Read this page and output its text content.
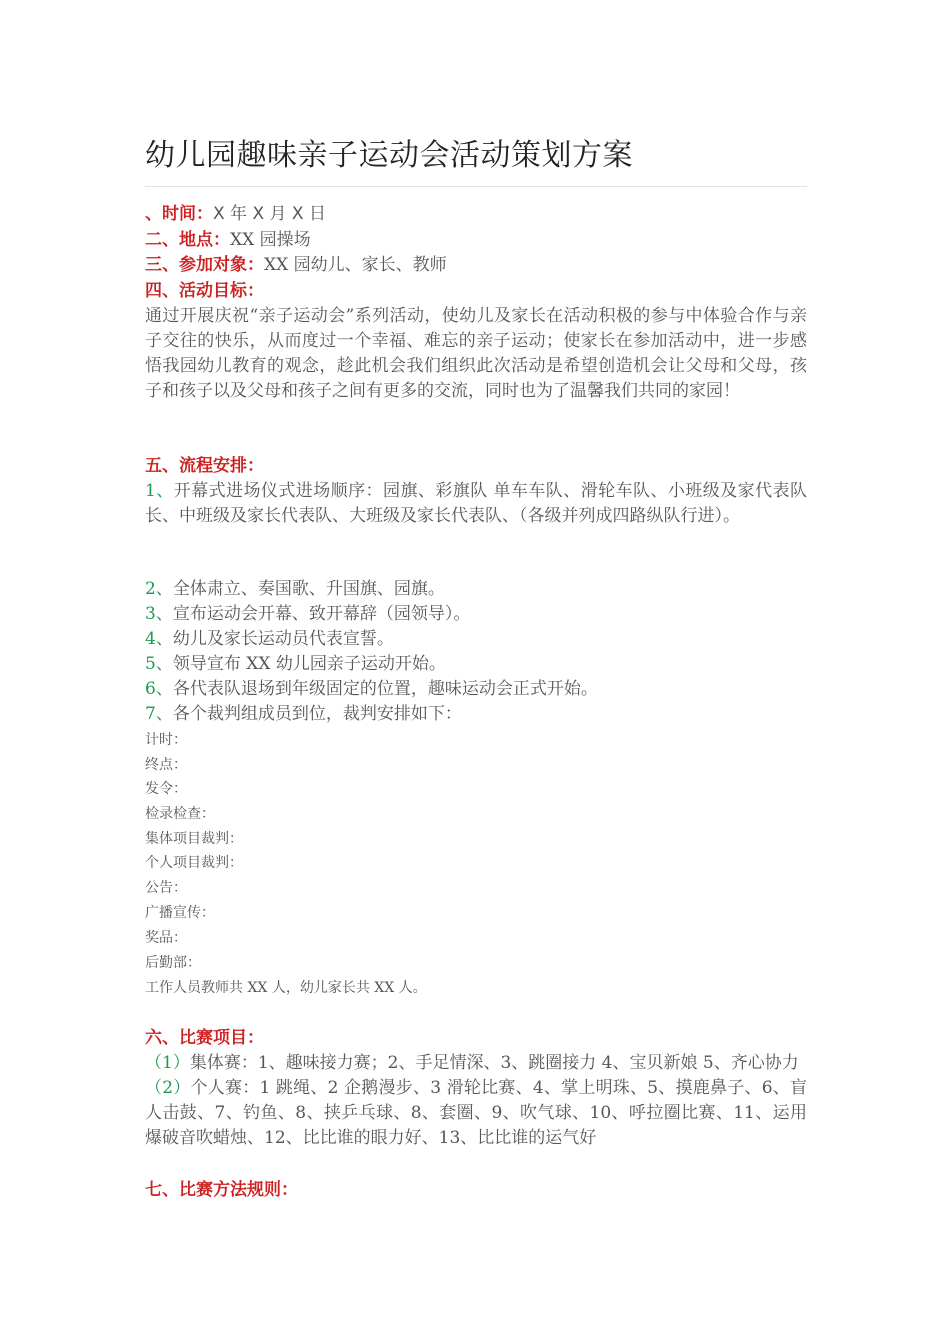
幼儿园趣味亲子运动会活动策划方案
、时间：X 年 X 月 X 日
二、地点：XX 园操场
三、参加对象：XX 园幼儿、家长、教师
四、活动目标：
通过开展庆祝“亲子运动会”系列活动，使幼儿及家长在活动积极的参与中体验合作与亲子交往的快乐，从而度过一个幸福、难忘的亲子运动；使家长在参加活动中，进一步感悟我园幼儿教育的观念，趁此机会我们组织此次活动是希望创造机会让父母和父母，孩子和孩子以及父母和孩子之间有更多的交流，同时也为了温馨我们共同的家园！
五、流程安排：
1、开幕式进场仪式进场顺序：园旗、彩旗队 单车车队、滑轮车队、小班级及家代表队长、中班级及家长代表队、大班级及家长代表队、（各级并列成四路纵队行进）。
2、全体肃立、奏国歌、升国旗、园旗。
3、宣布运动会开幕、致开幕辞（园领导）。
4、幼儿及家长运动员代表宣誓。
5、领导宣布 XX 幼儿园亲子运动开始。
6、各代表队退场到年级固定的位置，趣味运动会正式开始。
7、各个裁判组成员到位，裁判安排如下：
计时：
终点：
发令：
检录检查：
集体项目裁判：
个人项目裁判：
公告：
广播宣传：
奖品：
后勤部：
工作人员教师共 XX 人，幼儿家长共 XX 人。
六、比赛项目：
（1）集体赛：1、趣味接力赛；2、手足情深、3、跳圈接力 4、宝贝新娘 5、齐心协力
（2）个人赛：1 跳绳、2 企鹅漫步、3 滑轮比赛、4、掌上明珠、5、摸鹿鼻子、6、盲人击鼓、7、钓鱼、8、挟乒乓球、8、套圈、9、吹气球、10、呼拉圈比赛、11、运用爆破音吹蜡烛、12、比比谁的眼力好、13、比比谁的运气好
七、比赛方法规则：
